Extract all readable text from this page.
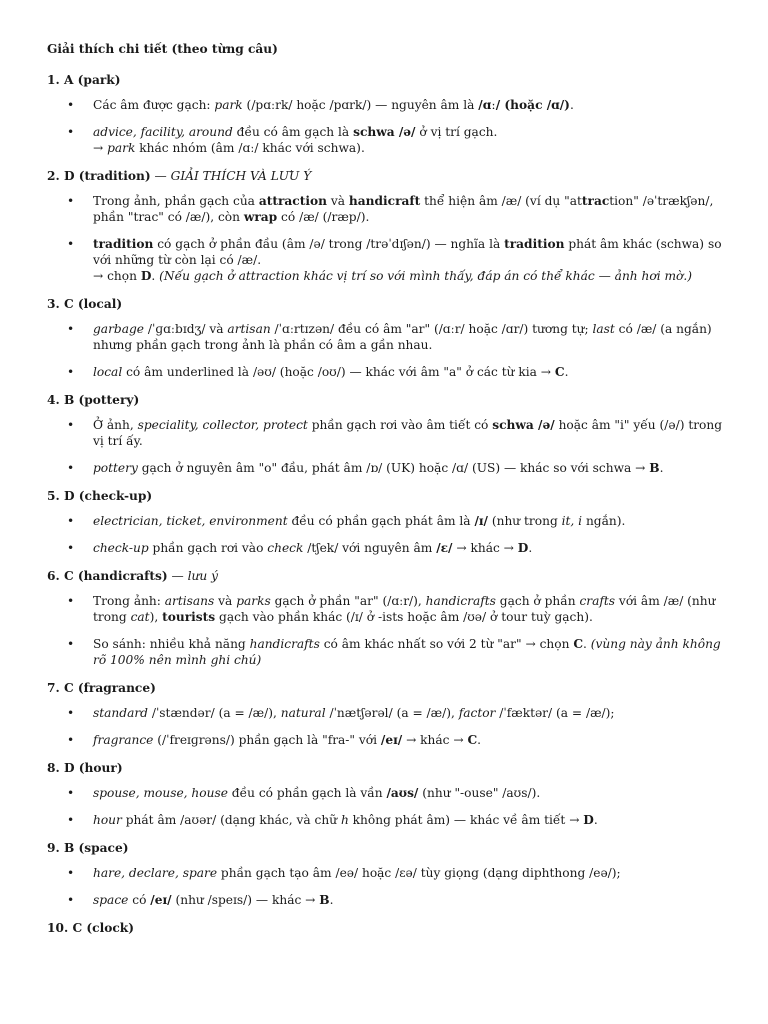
Giải thích chi tiết (theo từng câu)
1. A (park)
• Các âm được gạch: park (/pɑːrk/ hoặc /pɑrk/) — nguyên âm là /ɑː/ (hoặc /ɑ/).
• advice, facility, around đều có âm gạch là schwa /ə/ ở vị trí gạch.
→ park khác nhóm (âm /ɑː/ khác với schwa).
2. D (tradition) — GIẢI THÍCH VÀ LƯU Ý
• Trong ảnh, phần gạch của attraction và handicraft thể hiện âm /æ/ (ví dụ "attraction" /əˈtrækʃən/, phần "trac" có /æ/), còn wrap có /æ/ (/ræp/).
• tradition có gạch ở phần đầu (âm /ə/ trong /trəˈdɪʃən/) — nghĩa là tradition phát âm khác (schwa) so với những từ còn lại có /æ/.
→ chọn D. (Nếu gạch ở attraction khác vị trí so với mình thấy, đáp án có thể khác — ảnh hơi mờ.)
3. C (local)
• garbage /ˈɡɑːbɪdʒ/ và artisan /ˈɑːrtɪzən/ đều có âm "ar" (/ɑːr/ hoặc /ɑr/) tương tự; last có /æ/ (a ngắn) nhưng phần gạch trong ảnh là phần có âm a gần nhau.
• local có âm underlined là /əʊ/ (hoặc /oʊ/) — khác với âm "a" ở các từ kia → C.
4. B (pottery)
• Ở ảnh, speciality, collector, protect phần gạch rơi vào âm tiết có schwa /ə/ hoặc âm "i" yếu (/ə/) trong vị trí ấy.
• pottery gạch ở nguyên âm "o" đầu, phát âm /ɒ/ (UK) hoặc /ɑ/ (US) — khác so với schwa → B.
5. D (check-up)
• electrician, ticket, environment đều có phần gạch phát âm là /ɪ/ (như trong it, i ngắn).
• check-up phần gạch rơi vào check /tʃek/ với nguyên âm /ɛ/ → khác → D.
6. C (handicrafts) — lưu ý
• Trong ảnh: artisans và parks gạch ở phần "ar" (/ɑːr/), handicrafts gạch ở phần crafts với âm /æ/ (như trong cat), tourists gạch vào phần khác (/ɪ/ ở -ists hoặc âm /ʊə/ ở tour tuỳ gạch).
• So sánh: nhiều khả năng handicrafts có âm khác nhất so với 2 từ "ar" → chọn C. (vùng này ảnh không rõ 100% nên mình ghi chú)
7. C (fragrance)
• standard /ˈstændər/ (a = /æ/), natural /ˈnætʃərəl/ (a = /æ/), factor /ˈfæktər/ (a = /æ/);
• fragrance (/ˈfreɪɡrəns/) phần gạch là "fra-" với /eɪ/ → khác → C.
8. D (hour)
• spouse, mouse, house đều có phần gạch là vần /aʊs/ (như "-ouse" /aʊs/).
• hour phát âm /aʊər/ (dạng khác, và chữ h không phát âm) — khác về âm tiết → D.
9. B (space)
• hare, declare, spare phần gạch tạo âm /eə/ hoặc /ɛə/ tùy giọng (dạng diphthong /eə/);
• space có /eɪ/ (như /speɪs/) — khác → B.
10. C (clock)
